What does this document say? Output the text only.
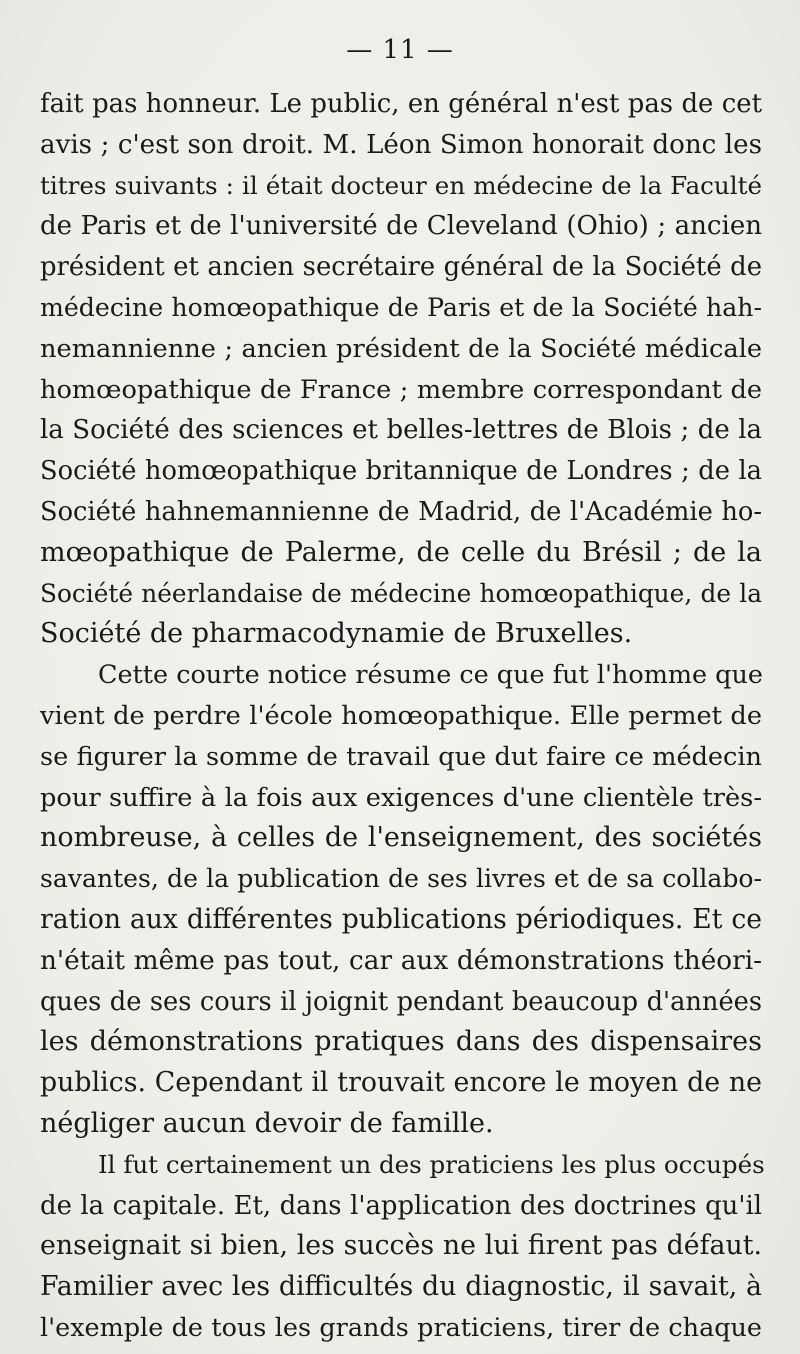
— 11 —
fait pas honneur. Le public, en général n'est pas de cet
avis ; c'est son droit. M. Léon Simon honorait donc les
titres suivants : il était docteur en médecine de la Faculté
de Paris et de l'université de Cleveland (Ohio) ; ancien
président et ancien secrétaire général de la Société de
médecine homœopathique de Paris et de la Société hah-
nemannienne ; ancien président de la Société médicale
homœopathique de France ; membre correspondant de
la Société des sciences et belles-lettres de Blois ; de la
Société homœopathique britannique de Londres ; de la
Société hahnemannienne de Madrid, de l'Académie ho-
mœopathique de Palerme, de celle du Brésil ; de la
Société néerlandaise de médecine homœopathique, de la
Société de pharmacodynamie de Bruxelles.
Cette courte notice résume ce que fut l'homme que
vient de perdre l'école homœopathique. Elle permet de
se figurer la somme de travail que dut faire ce médecin
pour suffire à la fois aux exigences d'une clientèle très-
nombreuse, à celles de l'enseignement, des sociétés
savantes, de la publication de ses livres et de sa collabo-
ration aux différentes publications périodiques. Et ce
n'était même pas tout, car aux démonstrations théori-
ques de ses cours il joignit pendant beaucoup d'années
les démonstrations pratiques dans des dispensaires
publics. Cependant il trouvait encore le moyen de ne
négliger aucun devoir de famille.
Il fut certainement un des praticiens les plus occupés
de la capitale. Et, dans l'application des doctrines qu'il
enseignait si bien, les succès ne lui firent pas défaut.
Familier avec les difficultés du diagnostic, il savait, à
l'exemple de tous les grands praticiens, tirer de chaque
